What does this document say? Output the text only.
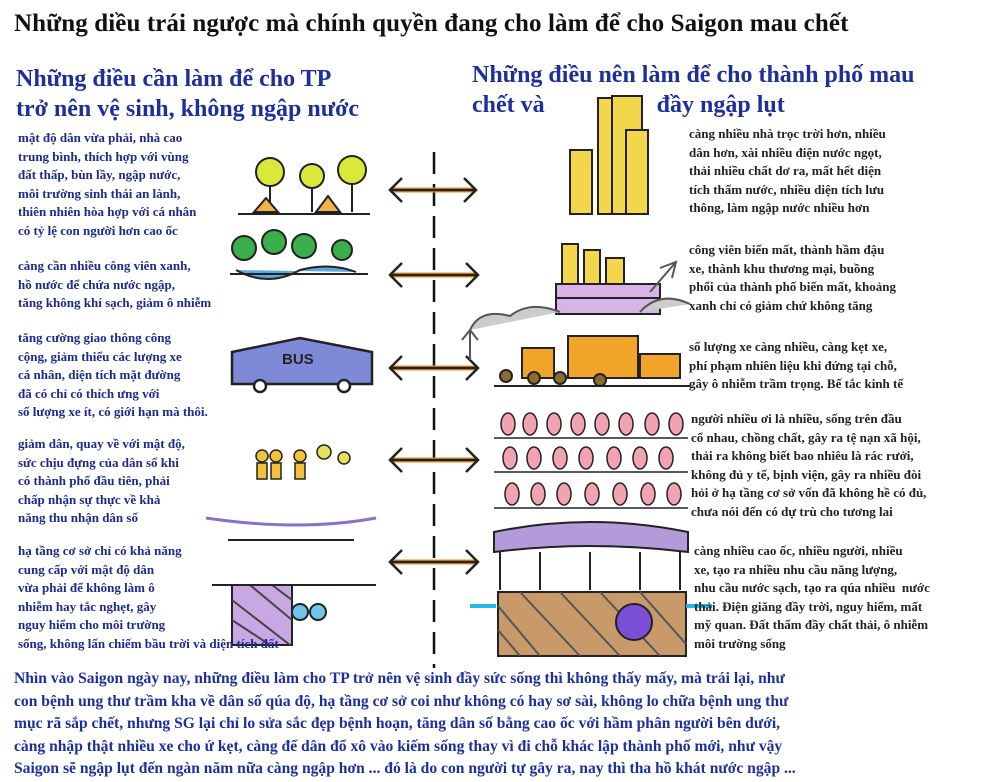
BUS
Những diều trái ngược mà chính quyền đang cho làm để cho Saigon mau chết
Những điều cần làm để cho TP
trở nên vệ sinh, không ngập nước
Những điều nên làm để cho thành phố mau
chết và	đầy ngập lụt
mật độ dân vừa phải, nhà cao
trung bình, thích hợp với vùng
đất thấp, bùn lầy, ngập nước,
môi trường sinh thái an lành,
thiên nhiên hòa hợp với cá nhân
có tỷ lệ con người hơn cao ốc
càng cần nhiều công viên xanh,
hồ nước để chứa nước ngập,
tăng không khí sạch, giảm ô nhiễm
tăng cường giao thông công
cộng, giảm thiểu các lượng xe
cá nhân, diện tích mặt đường
đã có chỉ có thích ưng với
số lượng xe ít, có giới hạn mà thôi.
giảm dân, quay về với mật độ,
sức chịu đựng của dân số khi
có thành phố đầu tiên, phải
chấp nhận sự thực về khả
năng thu nhận dân số
hạ tầng cơ sở chỉ có khả năng
cung cấp với mật độ dân
vừa phải để không làm ô
nhiễm hay tắc nghẹt, gây
nguy hiểm cho môi trường
sống, không lấn chiếm bầu trời và diện tích đất
càng nhiều nhà trọc trời hơn, nhiều
dân hơn, xài nhiều điện nước ngọt,
thải nhiều chất dơ ra, mất hết diện
tích thấm nước, nhiều diện tích lưu
thông, làm ngập nước nhiều hơn
công viên biến mất, thành hầm đậu
xe, thành khu thương mại, buồng
phổi của thành phố biến mất, khoảng
xanh chỉ có giảm chứ không tăng
số lượng xe càng nhiều, càng kẹt xe,
phí phạm nhiên liệu khi đứng tại chỗ,
gây ô nhiễm trầm trọng. Bế tắc kinh tế
người nhiều ơi là nhiều, sống trên đầu
cổ nhau, chồng chất, gây ra tệ nạn xã hội,
thải ra không biết bao nhiêu là rác rưởi,
không đủ y tế, bịnh viện, gây ra nhiều đòi
hỏi ở hạ tầng cơ sở vốn đã không hề có đủ,
chưa nói đến có dự trù cho tương lai
càng nhiều cao ốc, nhiều người, nhiều
xe, tạo ra nhiều nhu cầu năng lượng,
nhu cầu nước sạch, tạo ra qúa nhiều  nước
thải. Điện giăng đầy trời, nguy hiểm, mất
mỹ quan. Đất thấm đầy chất thải, ô nhiễm
môi trường sống
Nhìn vào Saigon ngày nay, những điều làm cho TP trở nên vệ sinh đầy sức sống thì không thấy mấy, mà trái lại, như
con bệnh ung thư trầm kha về dân số qúa độ, hạ tầng cơ sở coi như không có hay sơ sài, không lo chữa bệnh ung thư
mục rã sắp chết, nhưng SG lại chỉ lo sửa sắc đẹp bệnh hoạn, tăng dân số bằng cao ốc với hầm phân người bên dưới,
càng nhập thật nhiều xe cho ứ kẹt, càng để dân đổ xô vào kiếm sống thay vì đi chỗ khác lập thành phố mới, như vậy
Saigon sẽ ngập lụt đến ngàn năm nữa càng ngập hơn ... đó là do con người tự gây ra, nay thì tha hồ khát nước ngập ...
